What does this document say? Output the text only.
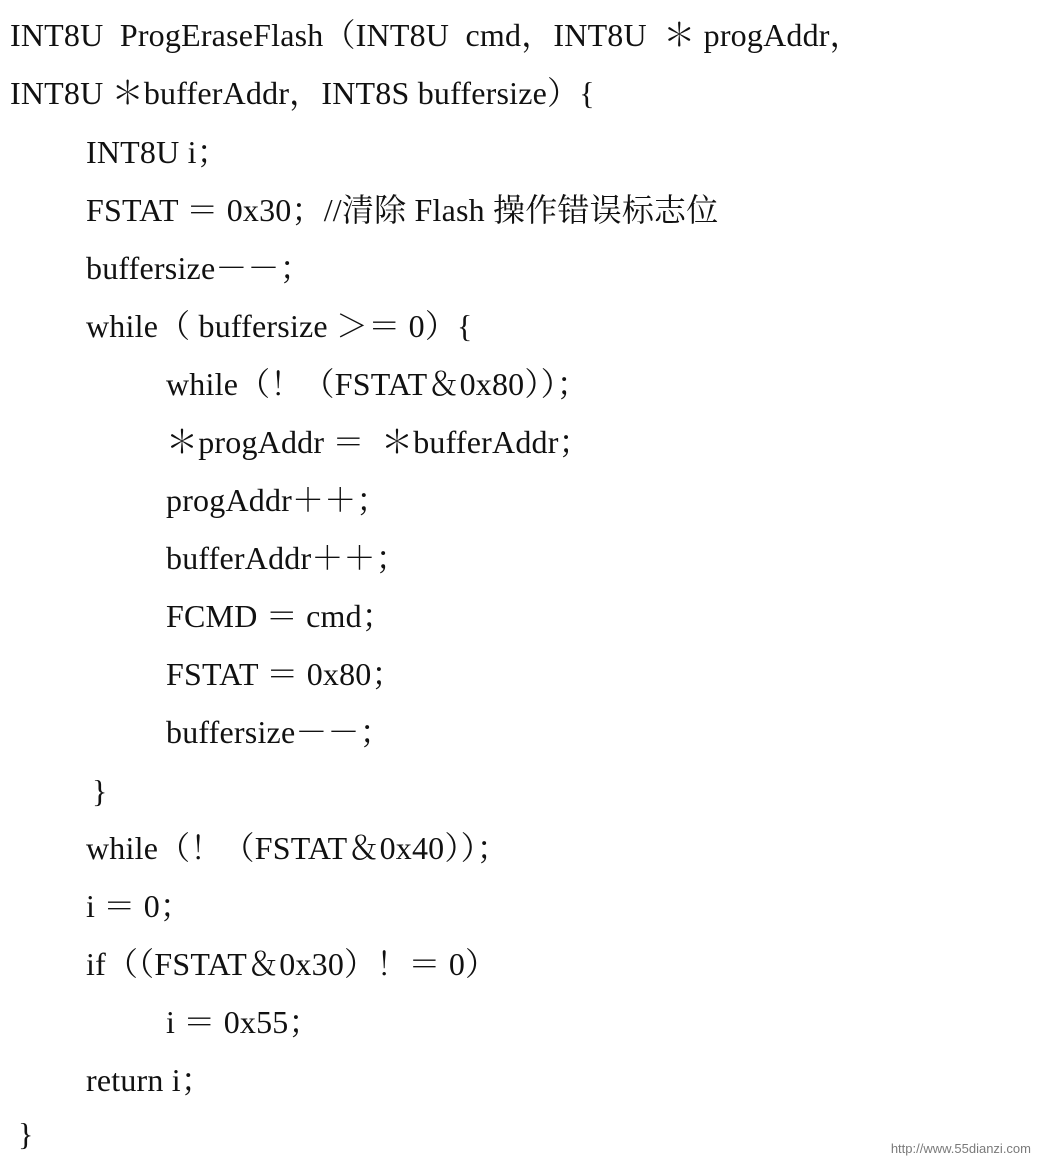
INT8U  ProgEraseFlash（INT8U  cmd，INT8U  ＊ progAddr，
INT8U ＊bufferAddr，INT8S buffersize）{
INT8U i；
FSTAT ＝ 0x30；//清除 Flash 操作错误标志位
buffersize－－；
while（ buffersize ＞＝ 0）{
while（！（FSTAT＆0x80））；
＊progAddr ＝  ＊bufferAddr；
progAddr＋＋；
bufferAddr＋＋；
FCMD ＝ cmd；
FSTAT ＝ 0x80；
buffersize－－；
}
while（！（FSTAT＆0x40））；
i ＝ 0；
if（（FSTAT＆0x30）！＝ 0）
i ＝ 0x55；
return i；
}	http://www.55dianzi.com
